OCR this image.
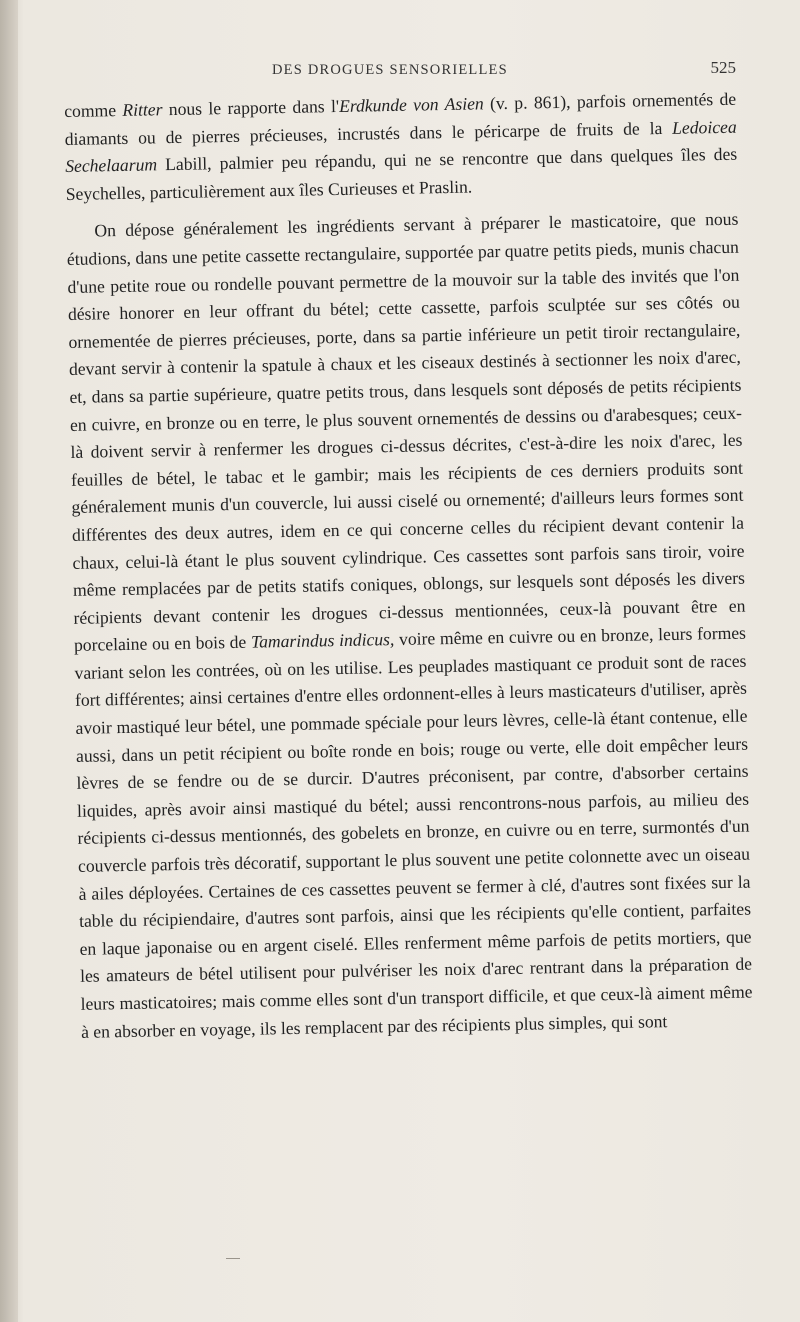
DES DROGUES SENSORIELLES	525

comme Ritter nous le rapporte dans l'Erdkunde von Asien (v. p. 861), parfois ornementés de diamants ou de pierres précieuses, incrustés dans le péricarpe de fruits de la Ledoicea Sechelaarum Labill, palmier peu répandu, qui ne se rencontre que dans quelques îles des Seychelles, particulièrement aux îles Curieuses et Praslin.

On dépose généralement les ingrédients servant à préparer le masticatoire, que nous étudions, dans une petite cassette rectangulaire, supportée par quatre petits pieds, munis chacun d'une petite roue ou rondelle pouvant permettre de la mouvoir sur la table des invités que l'on désire honorer en leur offrant du bétel; cette cassette, parfois sculptée sur ses côtés ou ornementée de pierres précieuses, porte, dans sa partie inférieure un petit tiroir rectangulaire, devant servir à contenir la spatule à chaux et les ciseaux destinés à sectionner les noix d'arec, et, dans sa partie supérieure, quatre petits trous, dans lesquels sont déposés de petits récipients en cuivre, en bronze ou en terre, le plus souvent ornementés de dessins ou d'arabesques; ceux-là doivent servir à renfermer les drogues ci-dessus décrites, c'est-à-dire les noix d'arec, les feuilles de bétel, le tabac et le gambir; mais les récipients de ces derniers produits sont généralement munis d'un couvercle, lui aussi ciselé ou ornementé; d'ailleurs leurs formes sont différentes des deux autres, idem en ce qui concerne celles du récipient devant contenir la chaux, celui-là étant le plus souvent cylindrique. Ces cassettes sont parfois sans tiroir, voire même remplacées par de petits statifs coniques, oblongs, sur lesquels sont déposés les divers récipients devant contenir les drogues ci-dessus mentionnées, ceux-là pouvant être en porcelaine ou en bois de Tamarindus indicus, voire même en cuivre ou en bronze, leurs formes variant selon les contrées, où on les utilise. Les peuplades mastiquant ce produit sont de races fort différentes; ainsi certaines d'entre elles ordonnent-elles à leurs masticateurs d'utiliser, après avoir mastiqué leur bétel, une pommade spéciale pour leurs lèvres, celle-là étant contenue, elle aussi, dans un petit récipient ou boîte ronde en bois; rouge ou verte, elle doit empêcher leurs lèvres de se fendre ou de se durcir. D'autres préconisent, par contre, d'absorber certains liquides, après avoir ainsi mastiqué du bétel; aussi rencontrons-nous parfois, au milieu des récipients ci-dessus mentionnés, des gobelets en bronze, en cuivre ou en terre, surmontés d'un couvercle parfois très décoratif, supportant le plus souvent une petite colonnette avec un oiseau à ailes déployées. Certaines de ces cassettes peuvent se fermer à clé, d'autres sont fixées sur la table du récipiendaire, d'autres sont parfois, ainsi que les récipients qu'elle contient, parfaites en laque japonaise ou en argent ciselé. Elles renferment même parfois de petits mortiers, que les amateurs de bétel utilisent pour pulvériser les noix d'arec rentrant dans la préparation de leurs masticatoires; mais comme elles sont d'un transport difficile, et que ceux-là aiment même à en absorber en voyage, ils les remplacent par des récipients plus simples, qui sont
